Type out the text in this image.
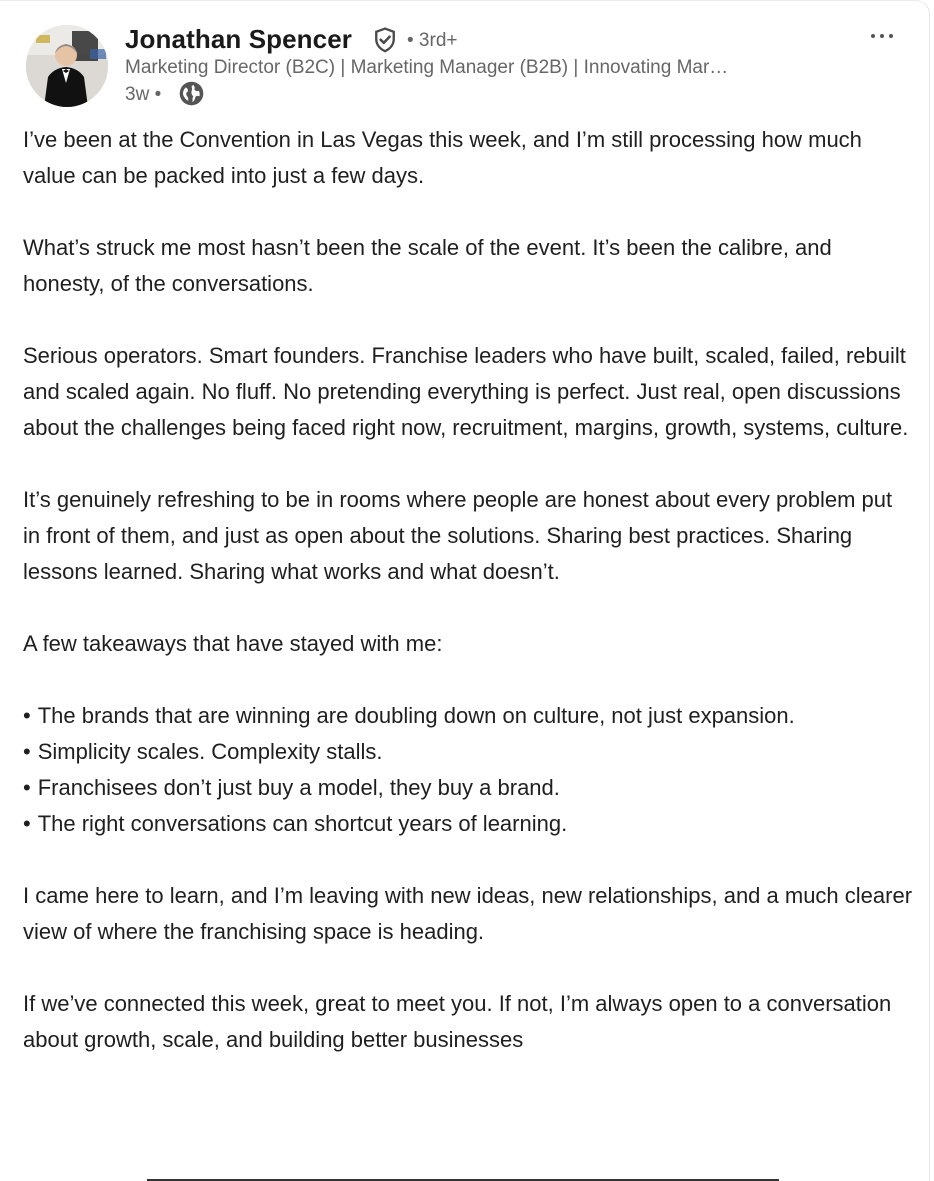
Jonathan Spencer	• 3rd+
Marketing Director (B2C) | Marketing Manager (B2B) | Innovating Mar…
3w •

I’ve been at the Convention in Las Vegas this week, and I’m still processing how much value can be packed into just a few days.

What’s struck me most hasn’t been the scale of the event. It’s been the calibre, and honesty, of the conversations.

Serious operators. Smart founders. Franchise leaders who have built, scaled, failed, rebuilt and scaled again. No fluff. No pretending everything is perfect. Just real, open discussions about the challenges being faced right now, recruitment, margins, growth, systems, culture.

It’s genuinely refreshing to be in rooms where people are honest about every problem put in front of them, and just as open about the solutions. Sharing best practices. Sharing lessons learned. Sharing what works and what doesn’t.

A few takeaways that have stayed with me:

• The brands that are winning are doubling down on culture, not just expansion.
• Simplicity scales. Complexity stalls.
• Franchisees don’t just buy a model, they buy a brand.
• The right conversations can shortcut years of learning.

I came here to learn, and I’m leaving with new ideas, new relationships, and a much clearer view of where the franchising space is heading.

If we’ve connected this week, great to meet you. If not, I’m always open to a conversation about growth, scale, and building better businesses
